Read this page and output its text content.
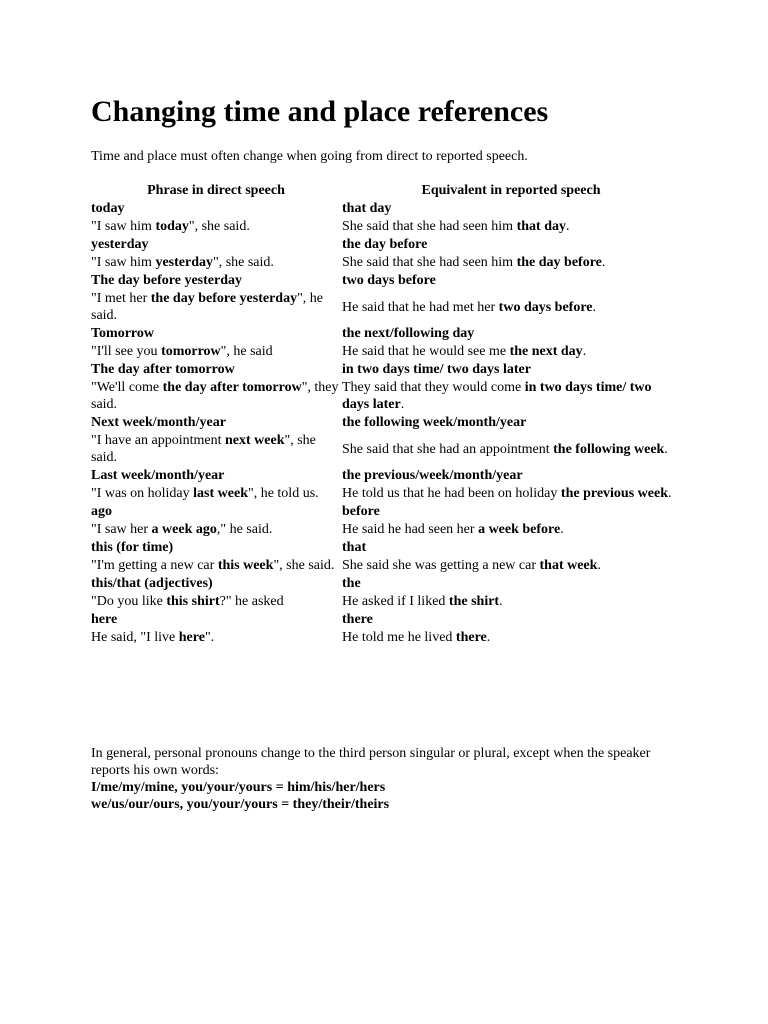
Changing time and place references

Time and place must often change when going from direct to reported speech.

Phrase in direct speech	Equivalent in reported speech
today	that day
"I saw him today", she said.	She said that she had seen him that day.
yesterday	the day before
"I saw him yesterday", she said.	She said that she had seen him the day before.
The day before yesterday	two days before
"I met her the day before yesterday", he said.	He said that he had met her two days before.
Tomorrow	the next/following day
"I'll see you tomorrow", he said	He said that he would see me the next day.
The day after tomorrow	in two days time/ two days later
"We'll come the day after tomorrow", they said.	They said that they would come in two days time/ two days later.
Next week/month/year	the following week/month/year
"I have an appointment next week", she said.	She said that she had an appointment the following week.
Last week/month/year	the previous/week/month/year
"I was on holiday last week", he told us.	He told us that he had been on holiday the previous week.
ago	before
"I saw her a week ago," he said.	He said he had seen her a week before.
this (for time)	that
"I'm getting a new car this week", she said.	She said she was getting a new car that week.
this/that (adjectives)	the
"Do you like this shirt?" he asked	He asked if I liked the shirt.
here	there
He said, "I live here".	He told me he lived there.

In general, personal pronouns change to the third person singular or plural, except when the speaker reports his own words:

I/me/my/mine, you/your/yours = him/his/her/hers

we/us/our/ours, you/your/yours = they/their/theirs
